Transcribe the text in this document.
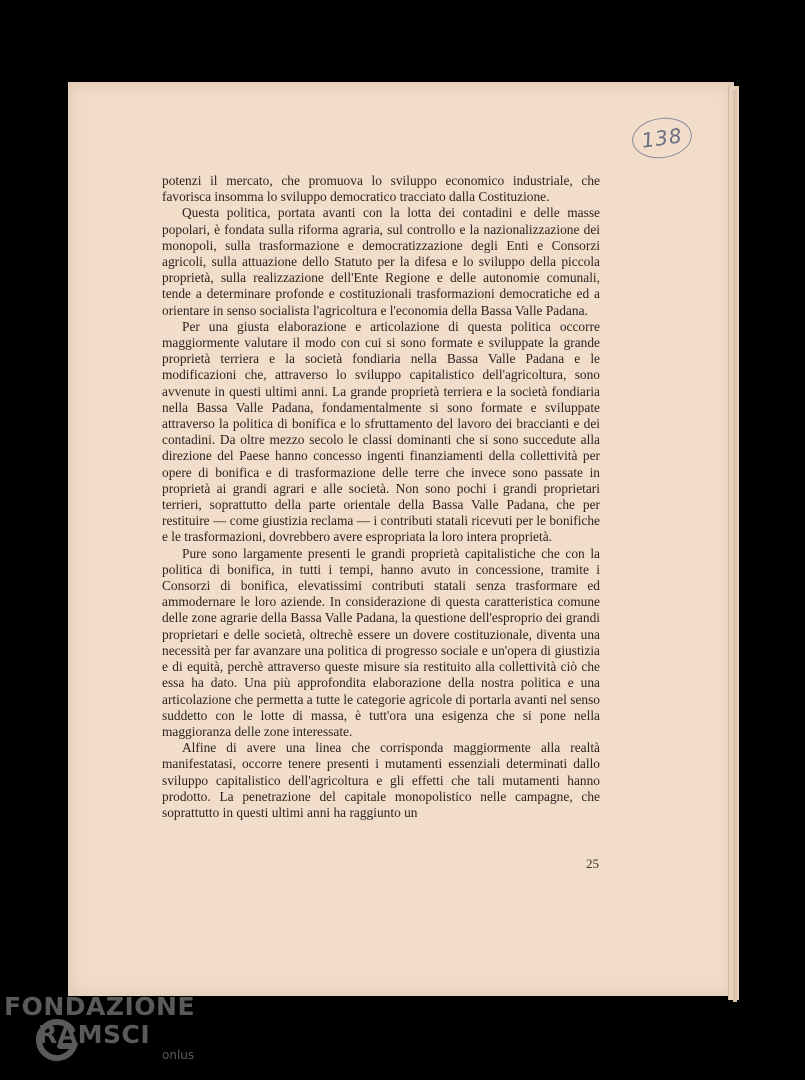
138

potenzi il mercato, che promuova lo sviluppo economico industriale, che favorisca insomma lo sviluppo democratico tracciato dalla Costituzione.

Questa politica, portata avanti con la lotta dei contadini e delle masse popolari, è fondata sulla riforma agraria, sul controllo e la nazionalizzazione dei monopoli, sulla trasformazione e democratizzazione degli Enti e Consorzi agricoli, sulla attuazione dello Statuto per la difesa e lo sviluppo della piccola proprietà, sulla realizzazione dell'Ente Regione e delle autonomie comunali, tende a determinare profonde e costituzionali trasformazioni democratiche ed a orientare in senso socialista l'agricoltura e l'economia della Bassa Valle Padana.

Per una giusta elaborazione e articolazione di questa politica occorre maggiormente valutare il modo con cui si sono formate e sviluppate la grande proprietà terriera e la società fondiaria nella Bassa Valle Padana e le modificazioni che, attraverso lo sviluppo capitalistico dell'agricoltura, sono avvenute in questi ultimi anni. La grande proprietà terriera e la società fondiaria nella Bassa Valle Padana, fondamentalmente si sono formate e sviluppate attraverso la politica di bonifica e lo sfruttamento del lavoro dei braccianti e dei contadini. Da oltre mezzo secolo le classi dominanti che si sono succedute alla direzione del Paese hanno concesso ingenti finanziamenti della collettività per opere di bonifica e di trasformazione delle terre che invece sono passate in proprietà ai grandi agrari e alle società. Non sono pochi i grandi proprietari terrieri, soprattutto della parte orientale della Bassa Valle Padana, che per restituire — come giustizia reclama — i contributi statali ricevuti per le bonifiche e le trasformazioni, dovrebbero avere espropriata la loro intera proprietà.

Pure sono largamente presenti le grandi proprietà capitalistiche che con la politica di bonifica, in tutti i tempi, hanno avuto in concessione, tramite i Consorzi di bonifica, elevatissimi contributi statali senza trasformare ed ammodernare le loro aziende. In considerazione di questa caratteristica comune delle zone agrarie della Bassa Valle Padana, la questione dell'esproprio dei grandi proprietari e delle società, oltrechè essere un dovere costituzionale, diventa una necessità per far avanzare una politica di progresso sociale e un'opera di giustizia e di equità, perchè attraverso queste misure sia restituito alla collettività ciò che essa ha dato. Una più approfondita elaborazione della nostra politica e una articolazione che permetta a tutte le categorie agricole di portarla avanti nel senso suddetto con le lotte di massa, è tutt'ora una esigenza che si pone nella maggioranza delle zone interessate.

Alfine di avere una linea che corrisponda maggiormente alla realtà manifestatasi, occorre tenere presenti i mutamenti essenziali determinati dallo sviluppo capitalistico dell'agricoltura e gli effetti che tali mutamenti hanno prodotto. La penetrazione del capitale monopolistico nelle campagne, che soprattutto in questi ultimi anni ha raggiunto un

25
FONDAZIONE
RAMSCI
onlus
